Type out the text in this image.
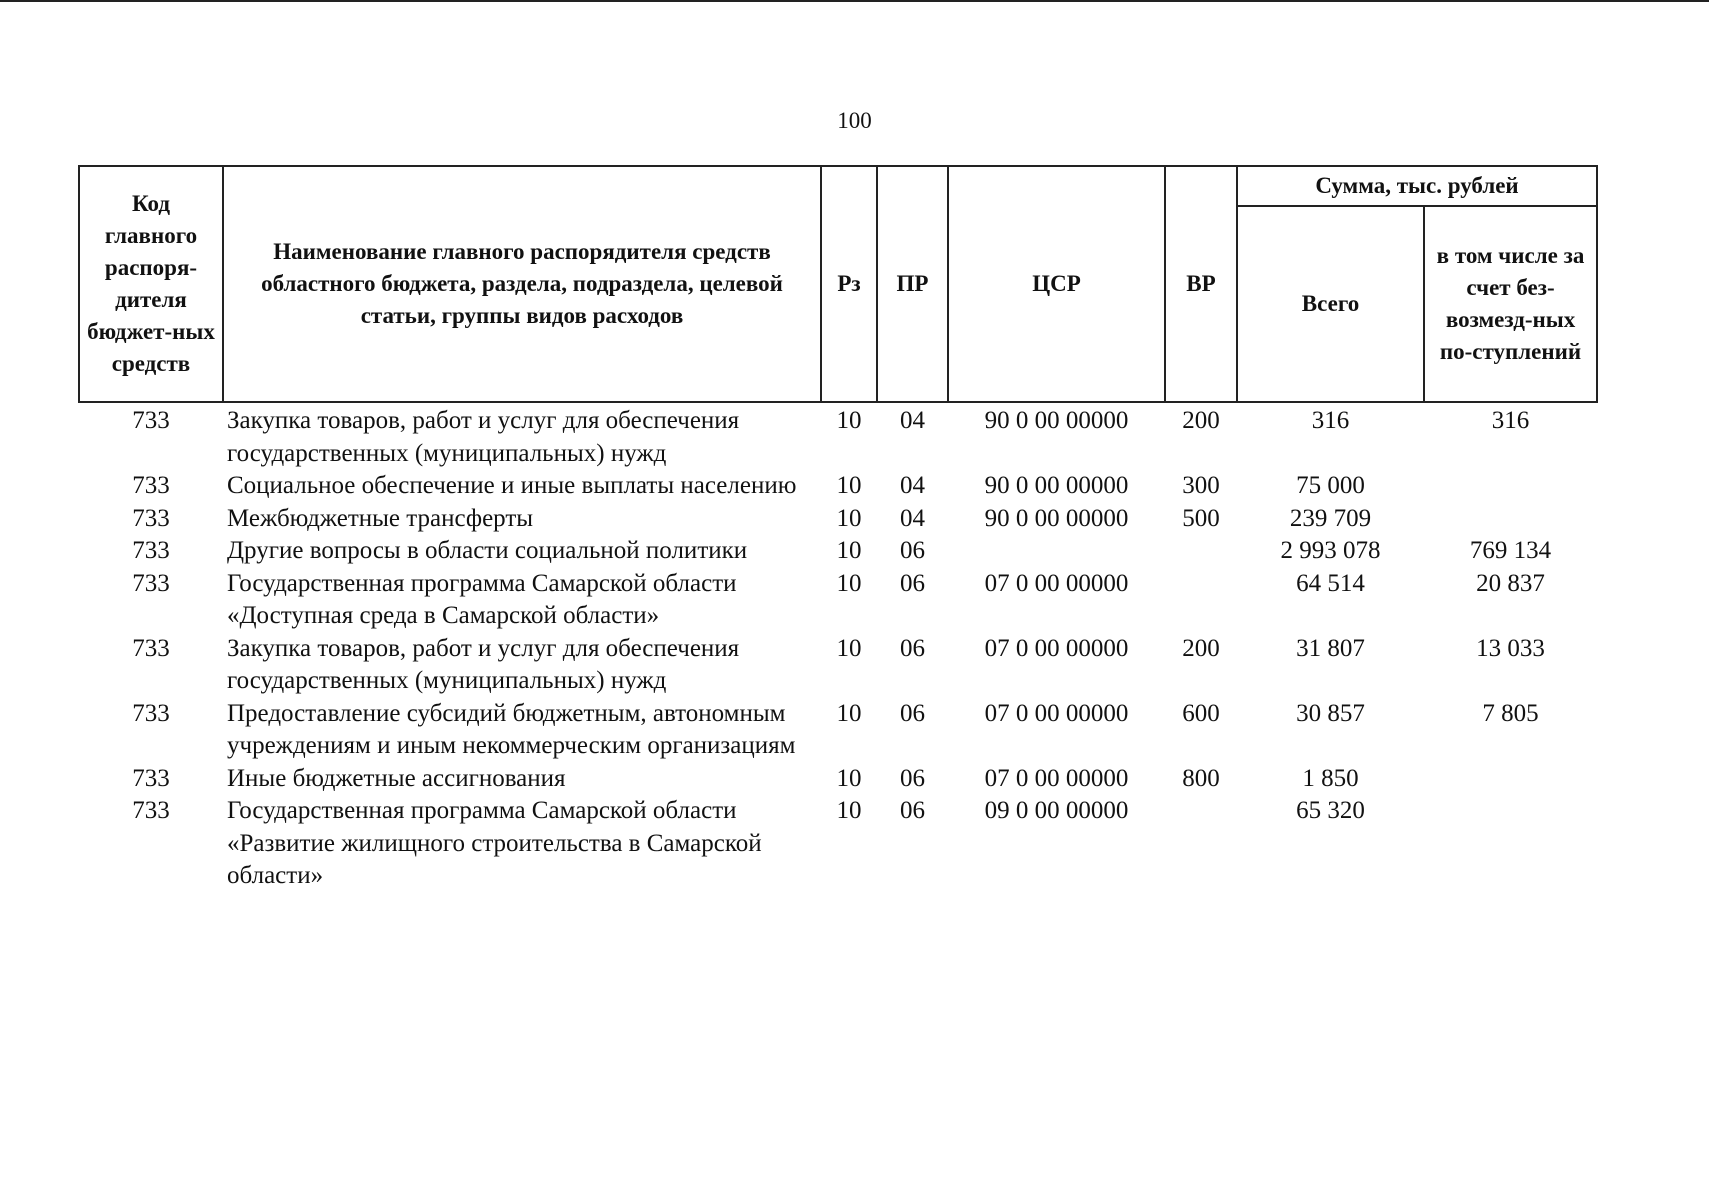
100
Код главного распоря-дителя бюджет-ных средств	Наименование главного распорядителя средств областного бюджета, раздела, подраздела, целевой статьи, группы видов расходов	Рз	ПР	ЦСР	ВР	Сумма, тыс. рублей	
						Всего	в том числе за счет без-возмезд-ных по-ступлений
733	Закупка товаров, работ и услуг для обеспечения государственных (муниципальных) нужд	10	04	90 0 00 00000	200	316	316
733	Социальное обеспечение и иные выплаты населению	10	04	90 0 00 00000	300	75 000	
733	Межбюджетные трансферты	10	04	90 0 00 00000	500	239 709	
733	Другие вопросы в области социальной политики	10	06			2 993 078	769 134
733	Государственная программа Самарской области «Доступная среда в Самарской области»	10	06	07 0 00 00000		64 514	20 837
733	Закупка товаров, работ и услуг для обеспечения государственных (муниципальных) нужд	10	06	07 0 00 00000	200	31 807	13 033
733	Предоставление субсидий бюджетным, автономным учреждениям и иным некоммерческим организациям	10	06	07 0 00 00000	600	30 857	7 805
733	Иные бюджетные ассигнования	10	06	07 0 00 00000	800	1 850	
733	Государственная программа Самарской области «Развитие жилищного строительства в Самарской области»	10	06	09 0 00 00000		65 320	
